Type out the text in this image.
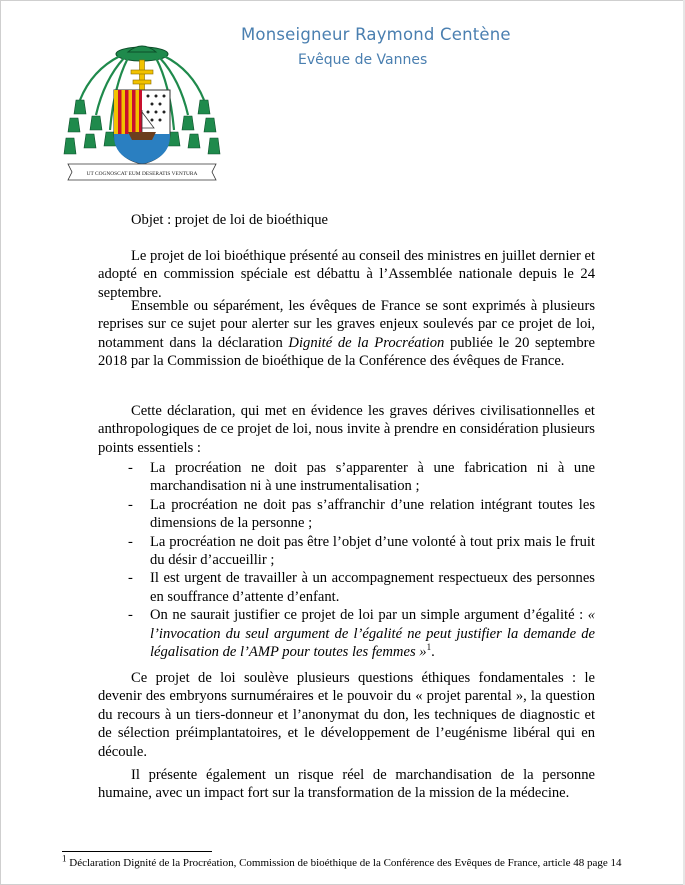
Monseigneur Raymond Centène
Evêque de Vannes
UT COGNOSCAT EUM DESERATIS VENTURA

Objet : projet de loi de bioéthique

Le projet de loi bioéthique présenté au conseil des ministres en juillet dernier et adopté en commission spéciale est débattu à l’Assemblée nationale depuis le 24 septembre.

Ensemble ou séparément, les évêques de France se sont exprimés à plusieurs reprises sur ce sujet pour alerter sur les graves enjeux soulevés par ce projet de loi, notamment dans la déclaration Dignité de la Procréation publiée le 20 septembre 2018 par la Commission de bioéthique de la Conférence des évêques de France.

Cette déclaration, qui met en évidence les graves dérives civilisationnelles et anthropologiques de ce projet de loi, nous invite à prendre en considération plusieurs points essentiels :

- La procréation ne doit pas s’apparenter à une fabrication ni à une marchandisation ni à une instrumentalisation ;
- La procréation ne doit pas s’affranchir d’une relation intégrant toutes les dimensions de la personne ;
- La procréation ne doit pas être l’objet d’une volonté à tout prix mais le fruit du désir d’accueillir ;
- Il est urgent de travailler à un accompagnement respectueux des personnes en souffrance d’attente d’enfant.
- On ne saurait justifier ce projet de loi par un simple argument d’égalité : « l’invocation du seul argument de l’égalité ne peut justifier la demande de légalisation de l’AMP pour toutes les femmes »$^1$.

Ce projet de loi soulève plusieurs questions éthiques fondamentales : le devenir des embryons surnuméraires et le pouvoir du « projet parental », la question du recours à un tiers-donneur et l’anonymat du don, les techniques de diagnostic et de sélection préimplantatoires, et le développement de l’eugénisme libéral qui en découle.

Il présente également un risque réel de marchandisation de la personne humaine, avec un impact fort sur la transformation de la mission de la médecine.

$^1$ Déclaration Dignité de la Procréation, Commission de bioéthique de la Conférence des Evêques de France, article 48 page 14
